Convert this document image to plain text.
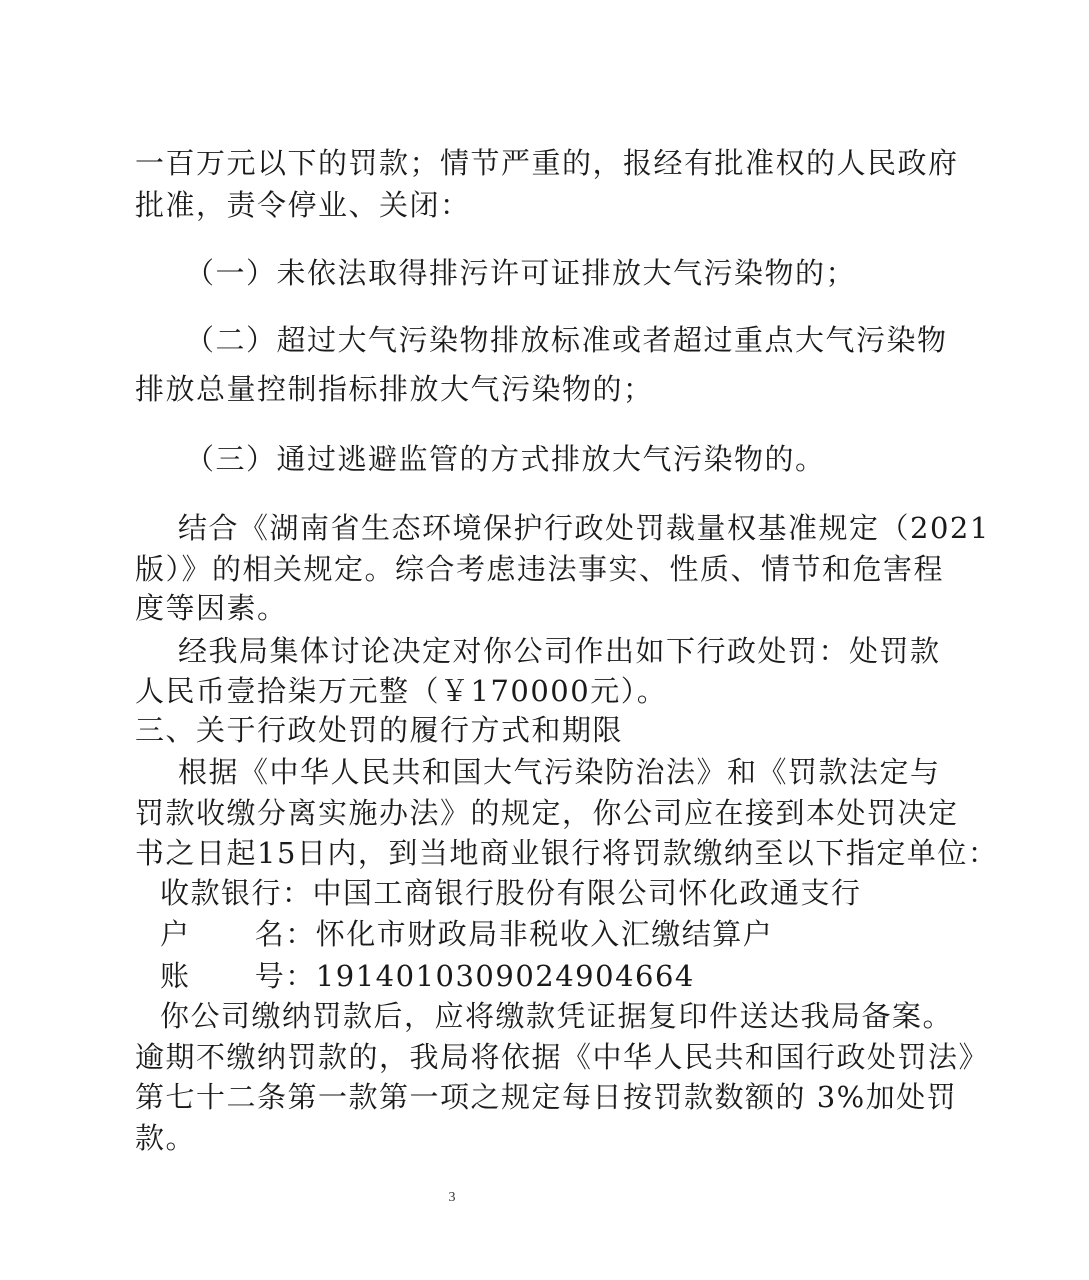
一百万元以下的罚款；情节严重的，报经有批准权的人民政府
批准，责令停业、关闭：
（一）未依法取得排污许可证排放大气污染物的；
（二）超过大气污染物排放标准或者超过重点大气污染物
排放总量控制指标排放大气污染物的；
（三）通过逃避监管的方式排放大气污染物的。
结合《湖南省生态环境保护行政处罚裁量权基准规定（2021
版）》的相关规定。综合考虑违法事实、性质、情节和危害程
度等因素。
经我局集体讨论决定对你公司作出如下行政处罚：处罚款
人民币壹拾柒万元整（￥170000元）。
三、关于行政处罚的履行方式和期限
根据《中华人民共和国大气污染防治法》和《罚款法定与
罚款收缴分离实施办法》的规定，你公司应在接到本处罚决定
书之日起15日内，到当地商业银行将罚款缴纳至以下指定单位：
收款银行：中国工商银行股份有限公司怀化政通支行
户      名：怀化市财政局非税收入汇缴结算户
账      号：1914010309024904664
你公司缴纳罚款后，应将缴款凭证据复印件送达我局备案。
逾期不缴纳罚款的，我局将依据《中华人民共和国行政处罚法》
第七十二条第一款第一项之规定每日按罚款数额的 3%加处罚
款。
3
